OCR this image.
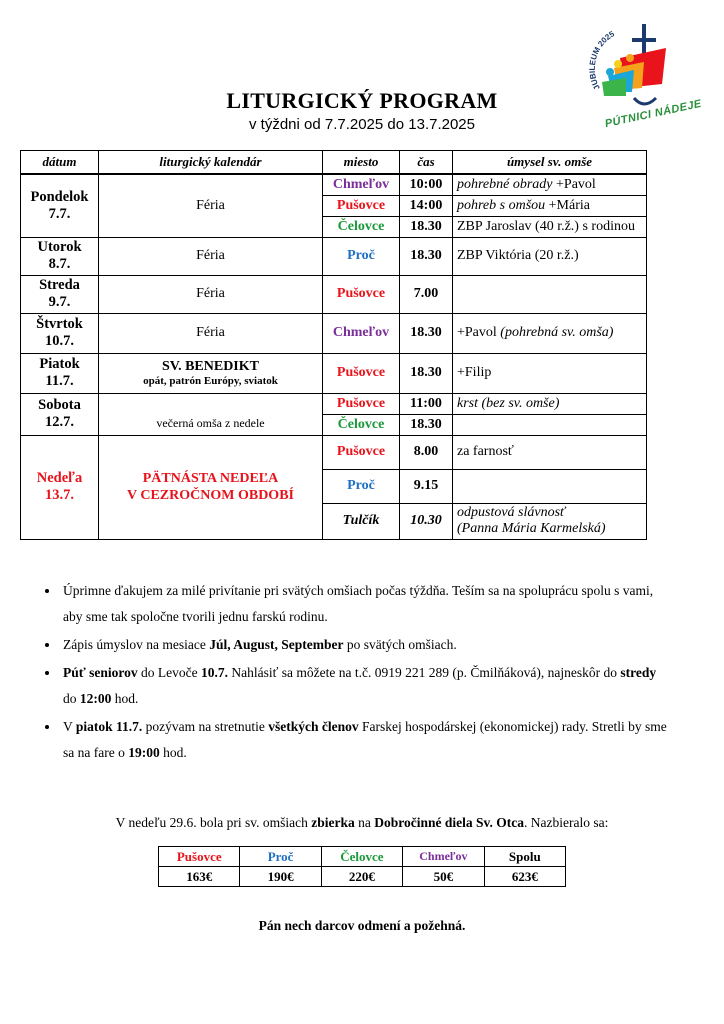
JUBILEUM 2025
PÚTNICI NÁDEJE
LITURGICKÝ PROGRAM
v týždni od 7.7.2025 do 13.7.2025
dátum	liturgický kalendár	miesto	čas	úmysel sv. omše
Pondelok
7.7.	Féria	Chmeľov	10:00	pohrebné obrady +Pavol
		Pušovce	14:00	pohreb s omšou +Mária
		Čelovce	18.30	ZBP Jaroslav (40 r.ž.) s rodinou
Utorok
8.7.	Féria	Proč	18.30	ZBP Viktória (20 r.ž.)
Streda
9.7.	Féria	Pušovce	7.00	
Štvrtok
10.7.	Féria	Chmeľov	18.30	+Pavol (pohrebná sv. omša)
Piatok
11.7.	SV. BENEDIKT
opát, patrón Európy, sviatok	Pušovce	18.30	+Filip
Sobota
12.7.	večerná omša z nedele	Pušovce	11:00	krst (bez sv. omše)
		Čelovce	18.30	
Nedeľa
13.7.	PÄTNÁSTA NEDEĽA
V CEZROČNOM OBDOBÍ	Pušovce	8.00	za farnosť
		Proč	9.15	
		Tulčík	10.30	odpustová slávnosť
(Panna Mária Karmelská)
• Úprimne ďakujem za milé privítanie pri svätých omšiach počas týždňa. Teším sa na spoluprácu spolu s vami, aby sme tak spoločne tvorili jednu farskú rodinu.
• Zápis úmyslov na mesiace Júl, August, September po svätých omšiach.
• Púť seniorov do Levoče 10.7. Nahlásiť sa môžete na t.č. 0919 221 289 (p. Čmilňáková), najneskôr do stredy do 12:00 hod.
• V piatok 11.7. pozývam na stretnutie všetkých členov Farskej hospodárskej (ekonomickej) rady. Stretli by sme sa na fare o 19:00 hod.
V nedeľu 29.6. bola pri sv. omšiach zbierka na Dobročinné diela Sv. Otca. Nazbieralo sa:
Pušovce	Proč	Čelovce	Chmeľov	Spolu
163€	190€	220€	50€	623€
Pán nech darcov odmení a požehná.
